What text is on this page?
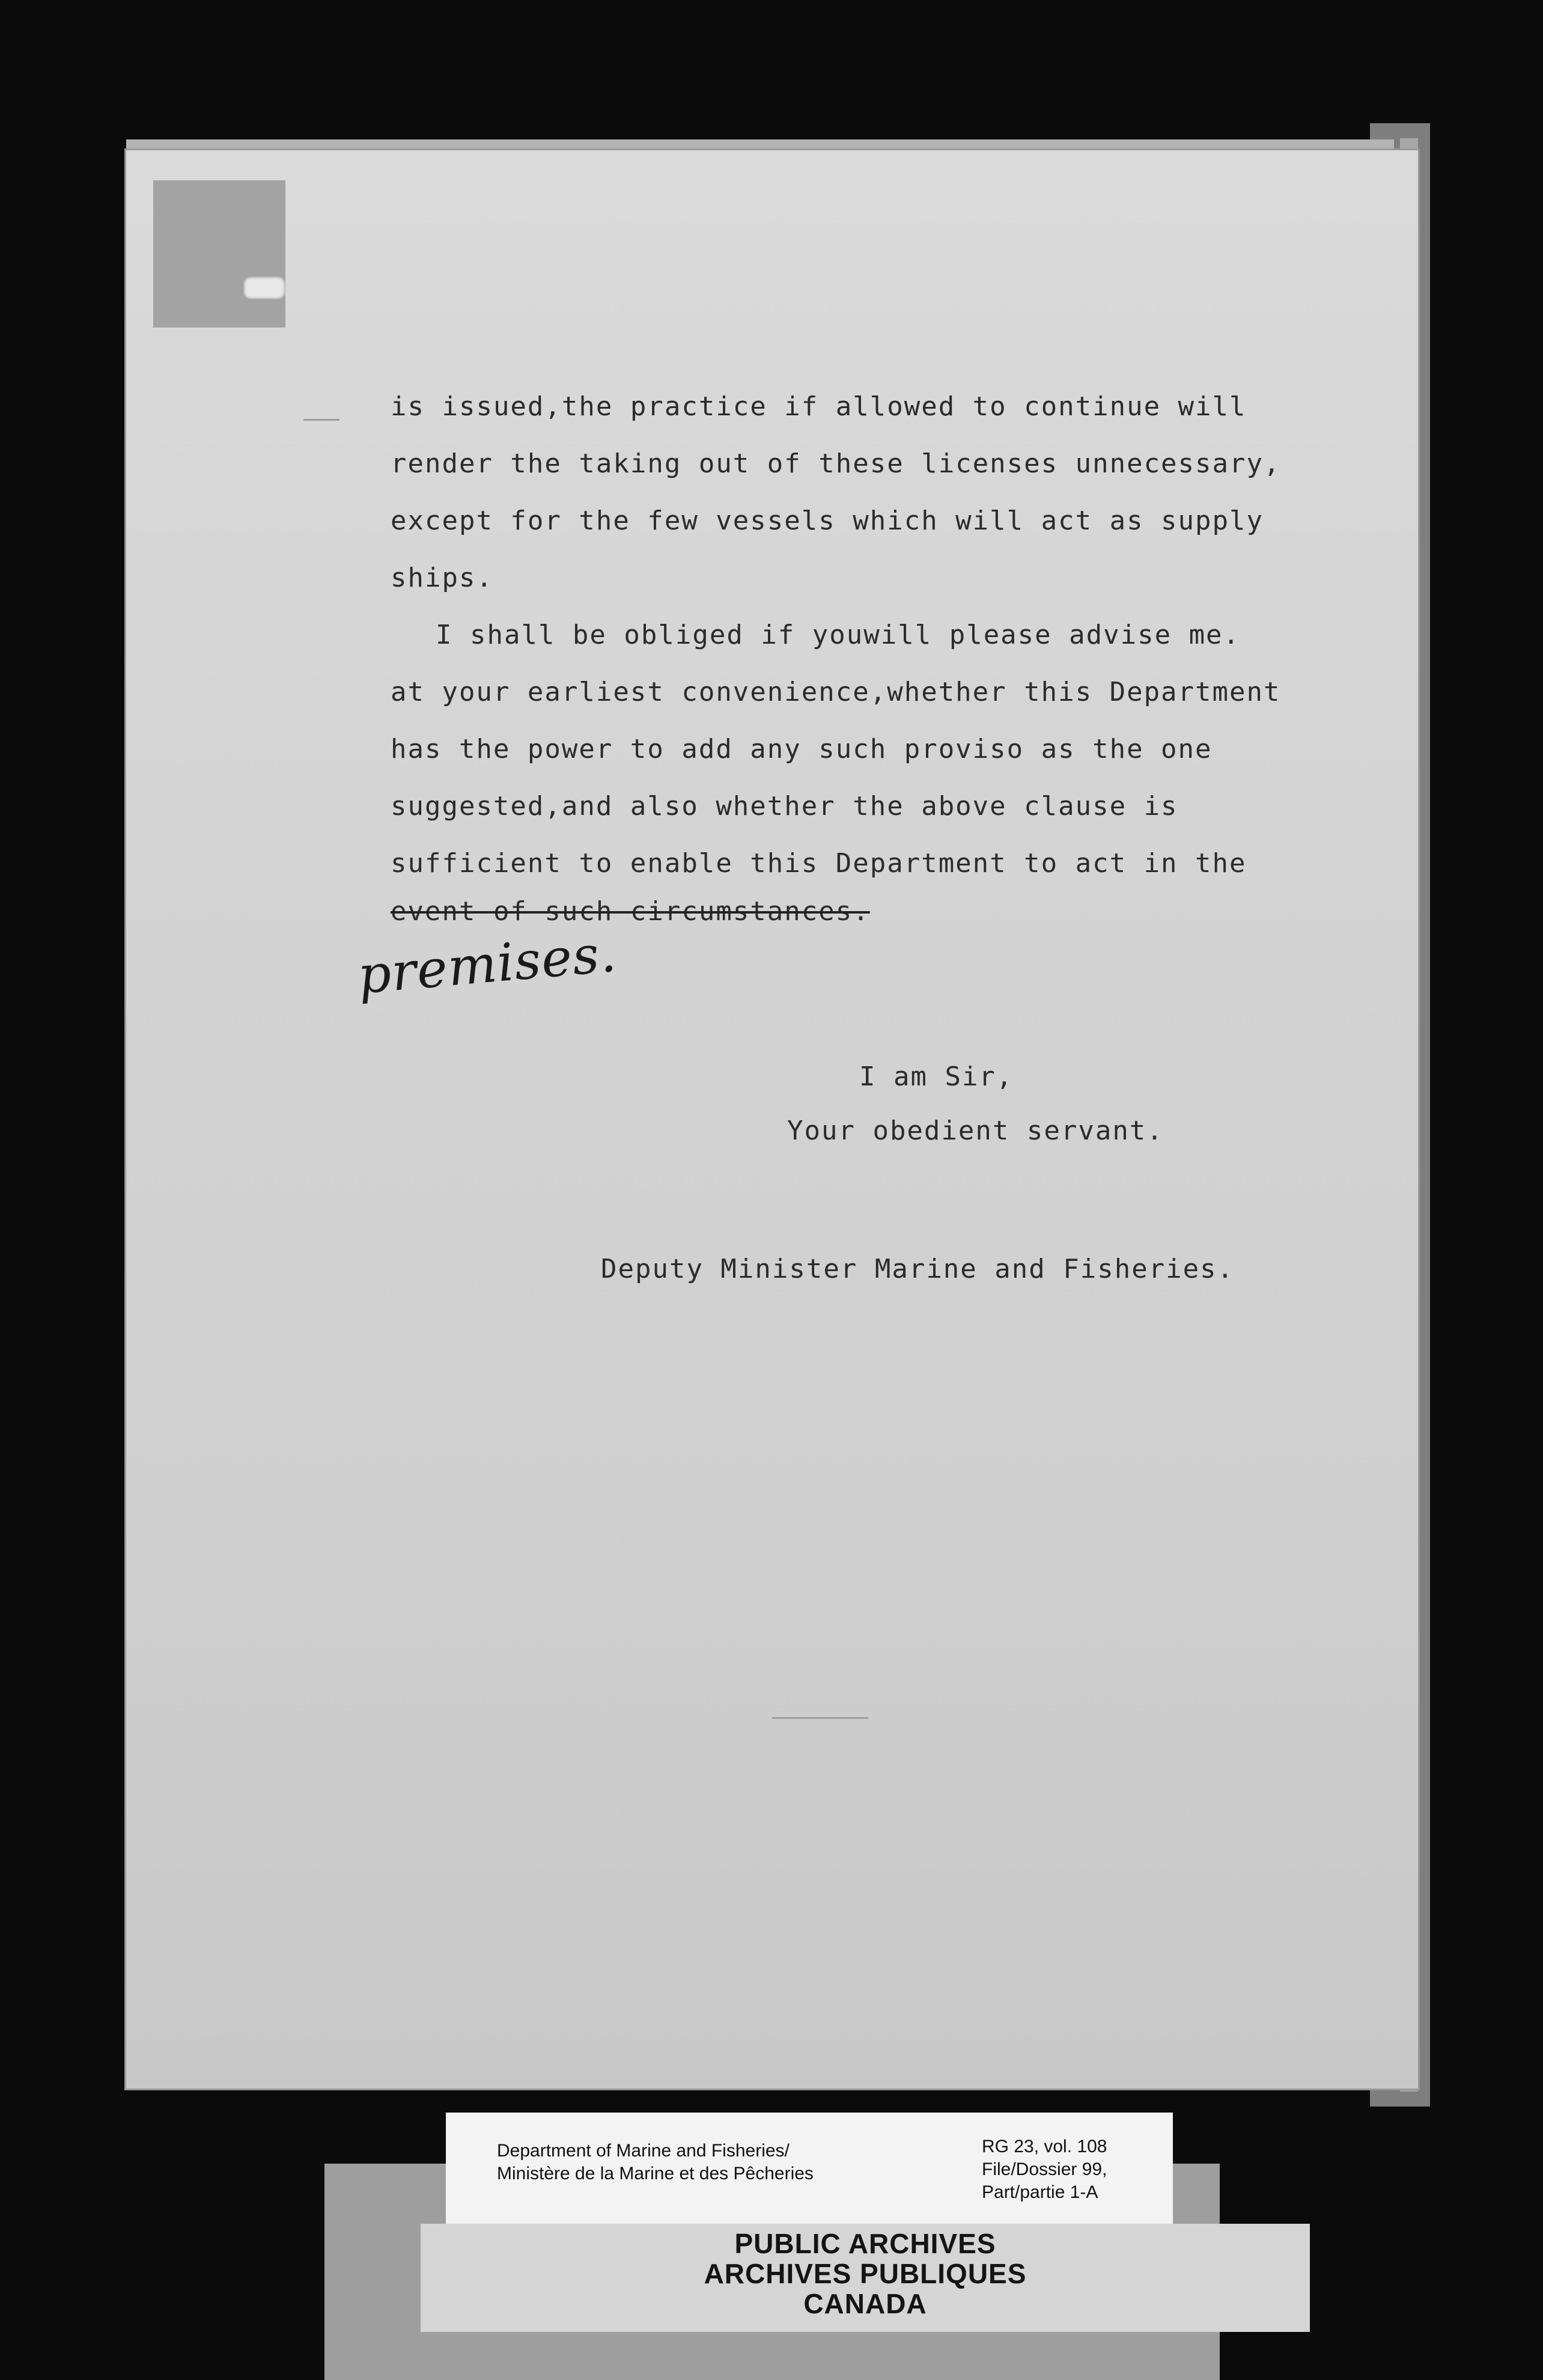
is issued,the practice if allowed to continue will
render the taking out of these licenses unnecessary,
except for the few vessels which will act as supply
ships.
I shall be obliged if youwill please advise me.
at your earliest convenience,whether this Department
has the power to add any such proviso as the one
suggested,and also whether the above clause is
sufficient to enable this Department to act in the
event of such circumstances.
premises.
I am Sir,
Your obedient servant.
Deputy Minister Marine and Fisheries.
Department of Marine and Fisheries/
Ministère de la Marine et des Pêcheries
RG 23, vol. 108
File/Dossier 99,
Part/partie 1-A
PUBLIC ARCHIVES
ARCHIVES PUBLIQUES
CANADA
